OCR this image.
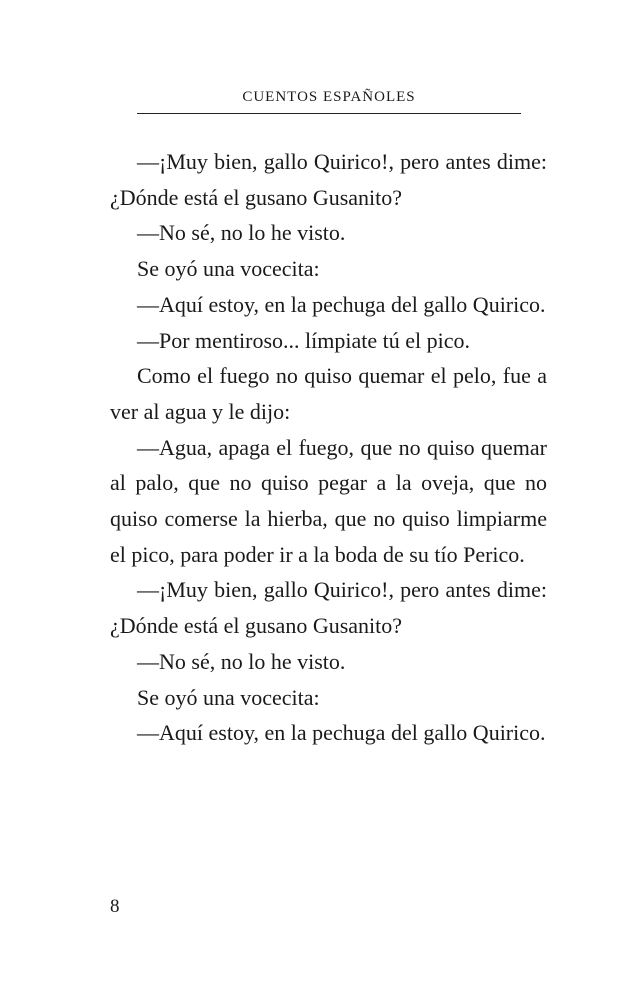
CUENTOS ESPAÑOLES

—¡Muy bien, gallo Quirico!, pero antes dime: ¿Dónde está el gusano Gusanito?

—No sé, no lo he visto.

Se oyó una vocecita:

—Aquí estoy, en la pechuga del gallo Quirico.

—Por mentiroso... límpiate tú el pico.

Como el fuego no quiso quemar el pelo, fue a ver al agua y le dijo:

—Agua, apaga el fuego, que no quiso quemar al palo, que no quiso pegar a la oveja, que no quiso comerse la hierba, que no quiso limpiarme el pico, para poder ir a la boda de su tío Perico.

—¡Muy bien, gallo Quirico!, pero antes dime: ¿Dónde está el gusano Gusanito?

—No sé, no lo he visto.

Se oyó una vocecita:

—Aquí estoy, en la pechuga del gallo Quirico.

8
